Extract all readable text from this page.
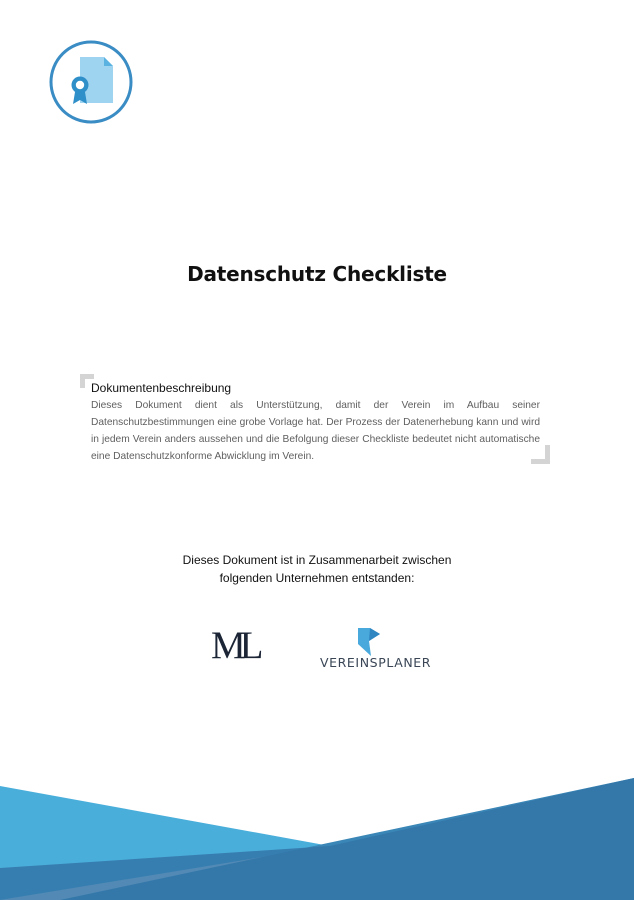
Datenschutz Checkliste
Dokumentenbeschreibung
Dieses Dokument dient als Unterstützung, damit der Verein im Aufbau seiner Datenschutzbestimmungen eine grobe Vorlage hat. Der Prozess der Datenerhebung kann und wird in jedem Verein anders aussehen und die Befolgung dieser Checkliste bedeutet nicht automatische eine Datenschutzkonforme Abwicklung im Verein.
Dieses Dokument ist in Zusammenarbeit zwischen
folgenden Unternehmen entstanden:
ML	VEREINSPLANER
